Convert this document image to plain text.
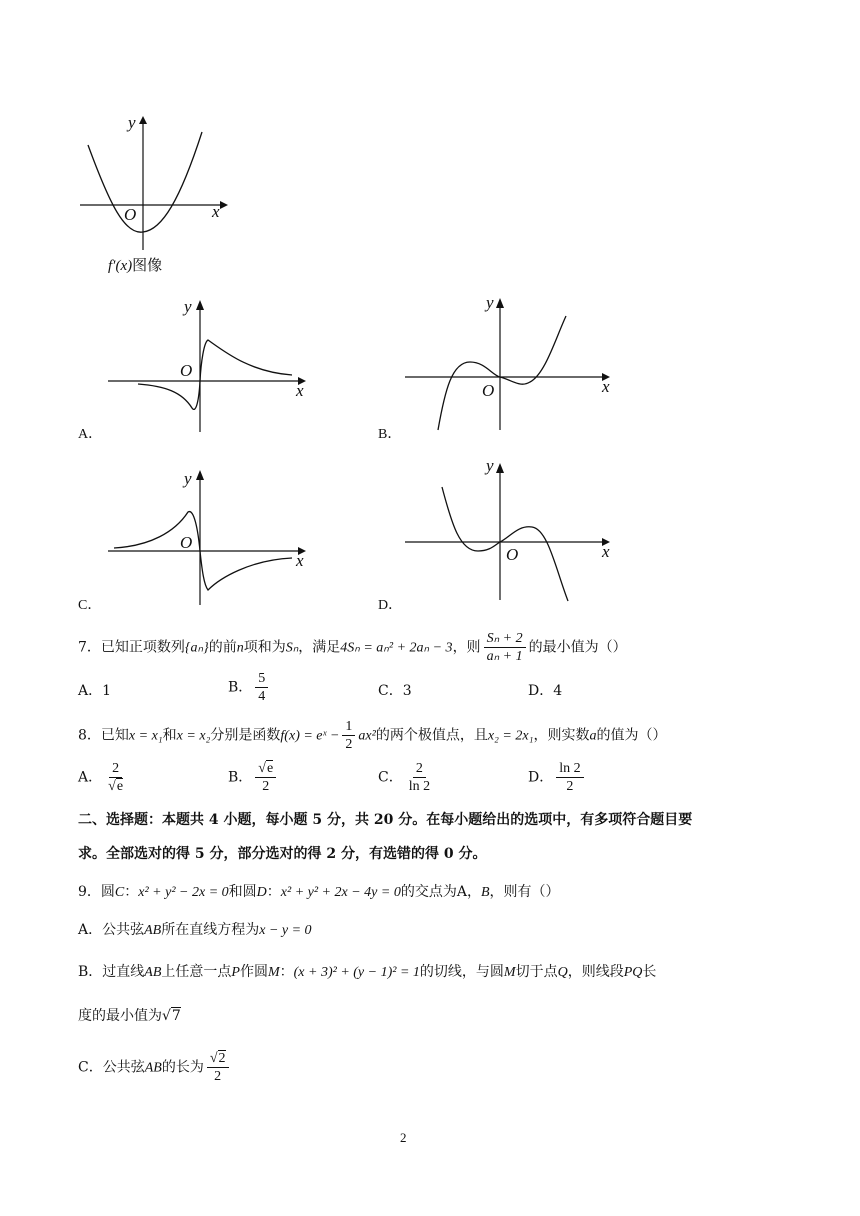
y
x
O
f′(x)图像
y
x
O
A．
y
x
O
B．
y
x
O
C．
y
x
O
D．
7．已知正项数列{aₙ}的前n项和为Sₙ，满足4Sₙ = aₙ² + 2aₙ − 3，则 $\frac{\text{Sₙ + 2}}{\text{aₙ + 1}}$ 的最小值为（）
A．1	B． $\frac{5}{4}$	C．3	D．4
8．已知x = x₁和x = x₂分别是函数f(x) = eˣ − $\frac{1}{2} ax^2$的两个极值点，且x₂ = 2x₁，则实数a的值为（）
A． $\frac{2}{√e}$	B． $\frac{√e}{2}$	C． $\frac{2}{\ln 2}$	D． $\frac{\ln 2}{2}$
二、选择题：本题共 4 小题，每小题 5 分，共 20 分。在每小题给出的选项中，有多项符合题目要
求。全部选对的得 5 分，部分选对的得 2 分，有选错的得 0 分。
9．圆C：x² + y² − 2x = 0和圆D：x² + y² + 2x − 4y = 0的交点为A，B，则有（）
A．公共弦AB所在直线方程为x − y = 0
B．过直线AB上任意一点P作圆M：(x + 3)² + (y − 1)² = 1的切线，与圆M切于点Q，则线段PQ长
度的最小值为√7
C．公共弦AB的长为 $\frac{√2}{2}$
2
